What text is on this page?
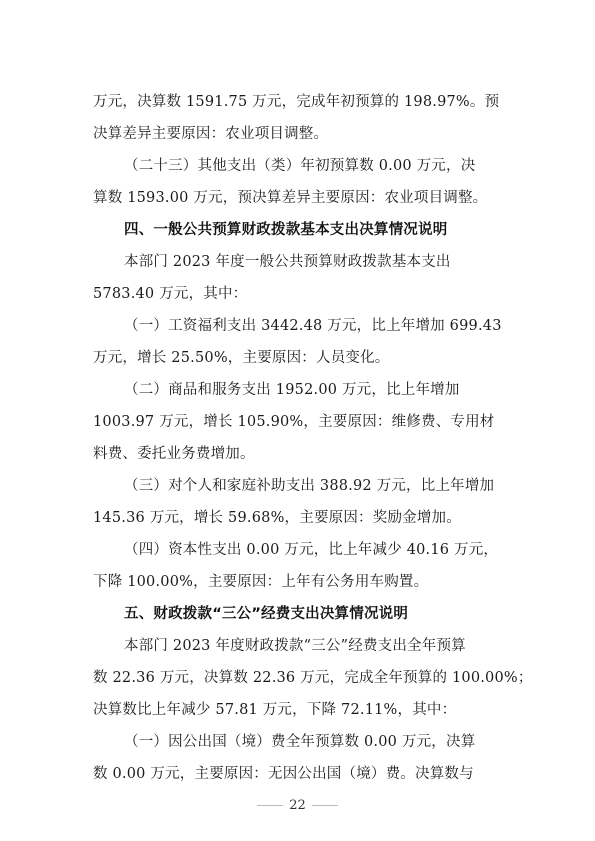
万元，决算数 1591.75 万元，完成年初预算的 198.97%。预
决算差异主要原因：农业项目调整。
（二十三）其他支出（类）年初预算数 0.00 万元，决
算数 1593.00 万元，预决算差异主要原因：农业项目调整。
四、一般公共预算财政拨款基本支出决算情况说明
本部门 2023 年度一般公共预算财政拨款基本支出
5783.40 万元，其中：
（一）工资福利支出 3442.48 万元，比上年增加 699.43
万元，增长 25.50%，主要原因：人员变化。
（二）商品和服务支出 1952.00 万元，比上年增加
1003.97 万元，增长 105.90%，主要原因：维修费、专用材
料费、委托业务费增加。
（三）对个人和家庭补助支出 388.92 万元，比上年增加
145.36 万元，增长 59.68%，主要原因：奖励金增加。
（四）资本性支出 0.00 万元，比上年减少 40.16 万元，
下降 100.00%，主要原因：上年有公务用车购置。
五、财政拨款“三公”经费支出决算情况说明
本部门 2023 年度财政拨款“三公”经费支出全年预算
数 22.36 万元，决算数 22.36 万元，完成全年预算的 100.00%；
决算数比上年减少 57.81 万元，下降 72.11%，其中：
（一）因公出国（境）费全年预算数 0.00 万元，决算
数 0.00 万元，主要原因：无因公出国（境）费。决算数与
22
